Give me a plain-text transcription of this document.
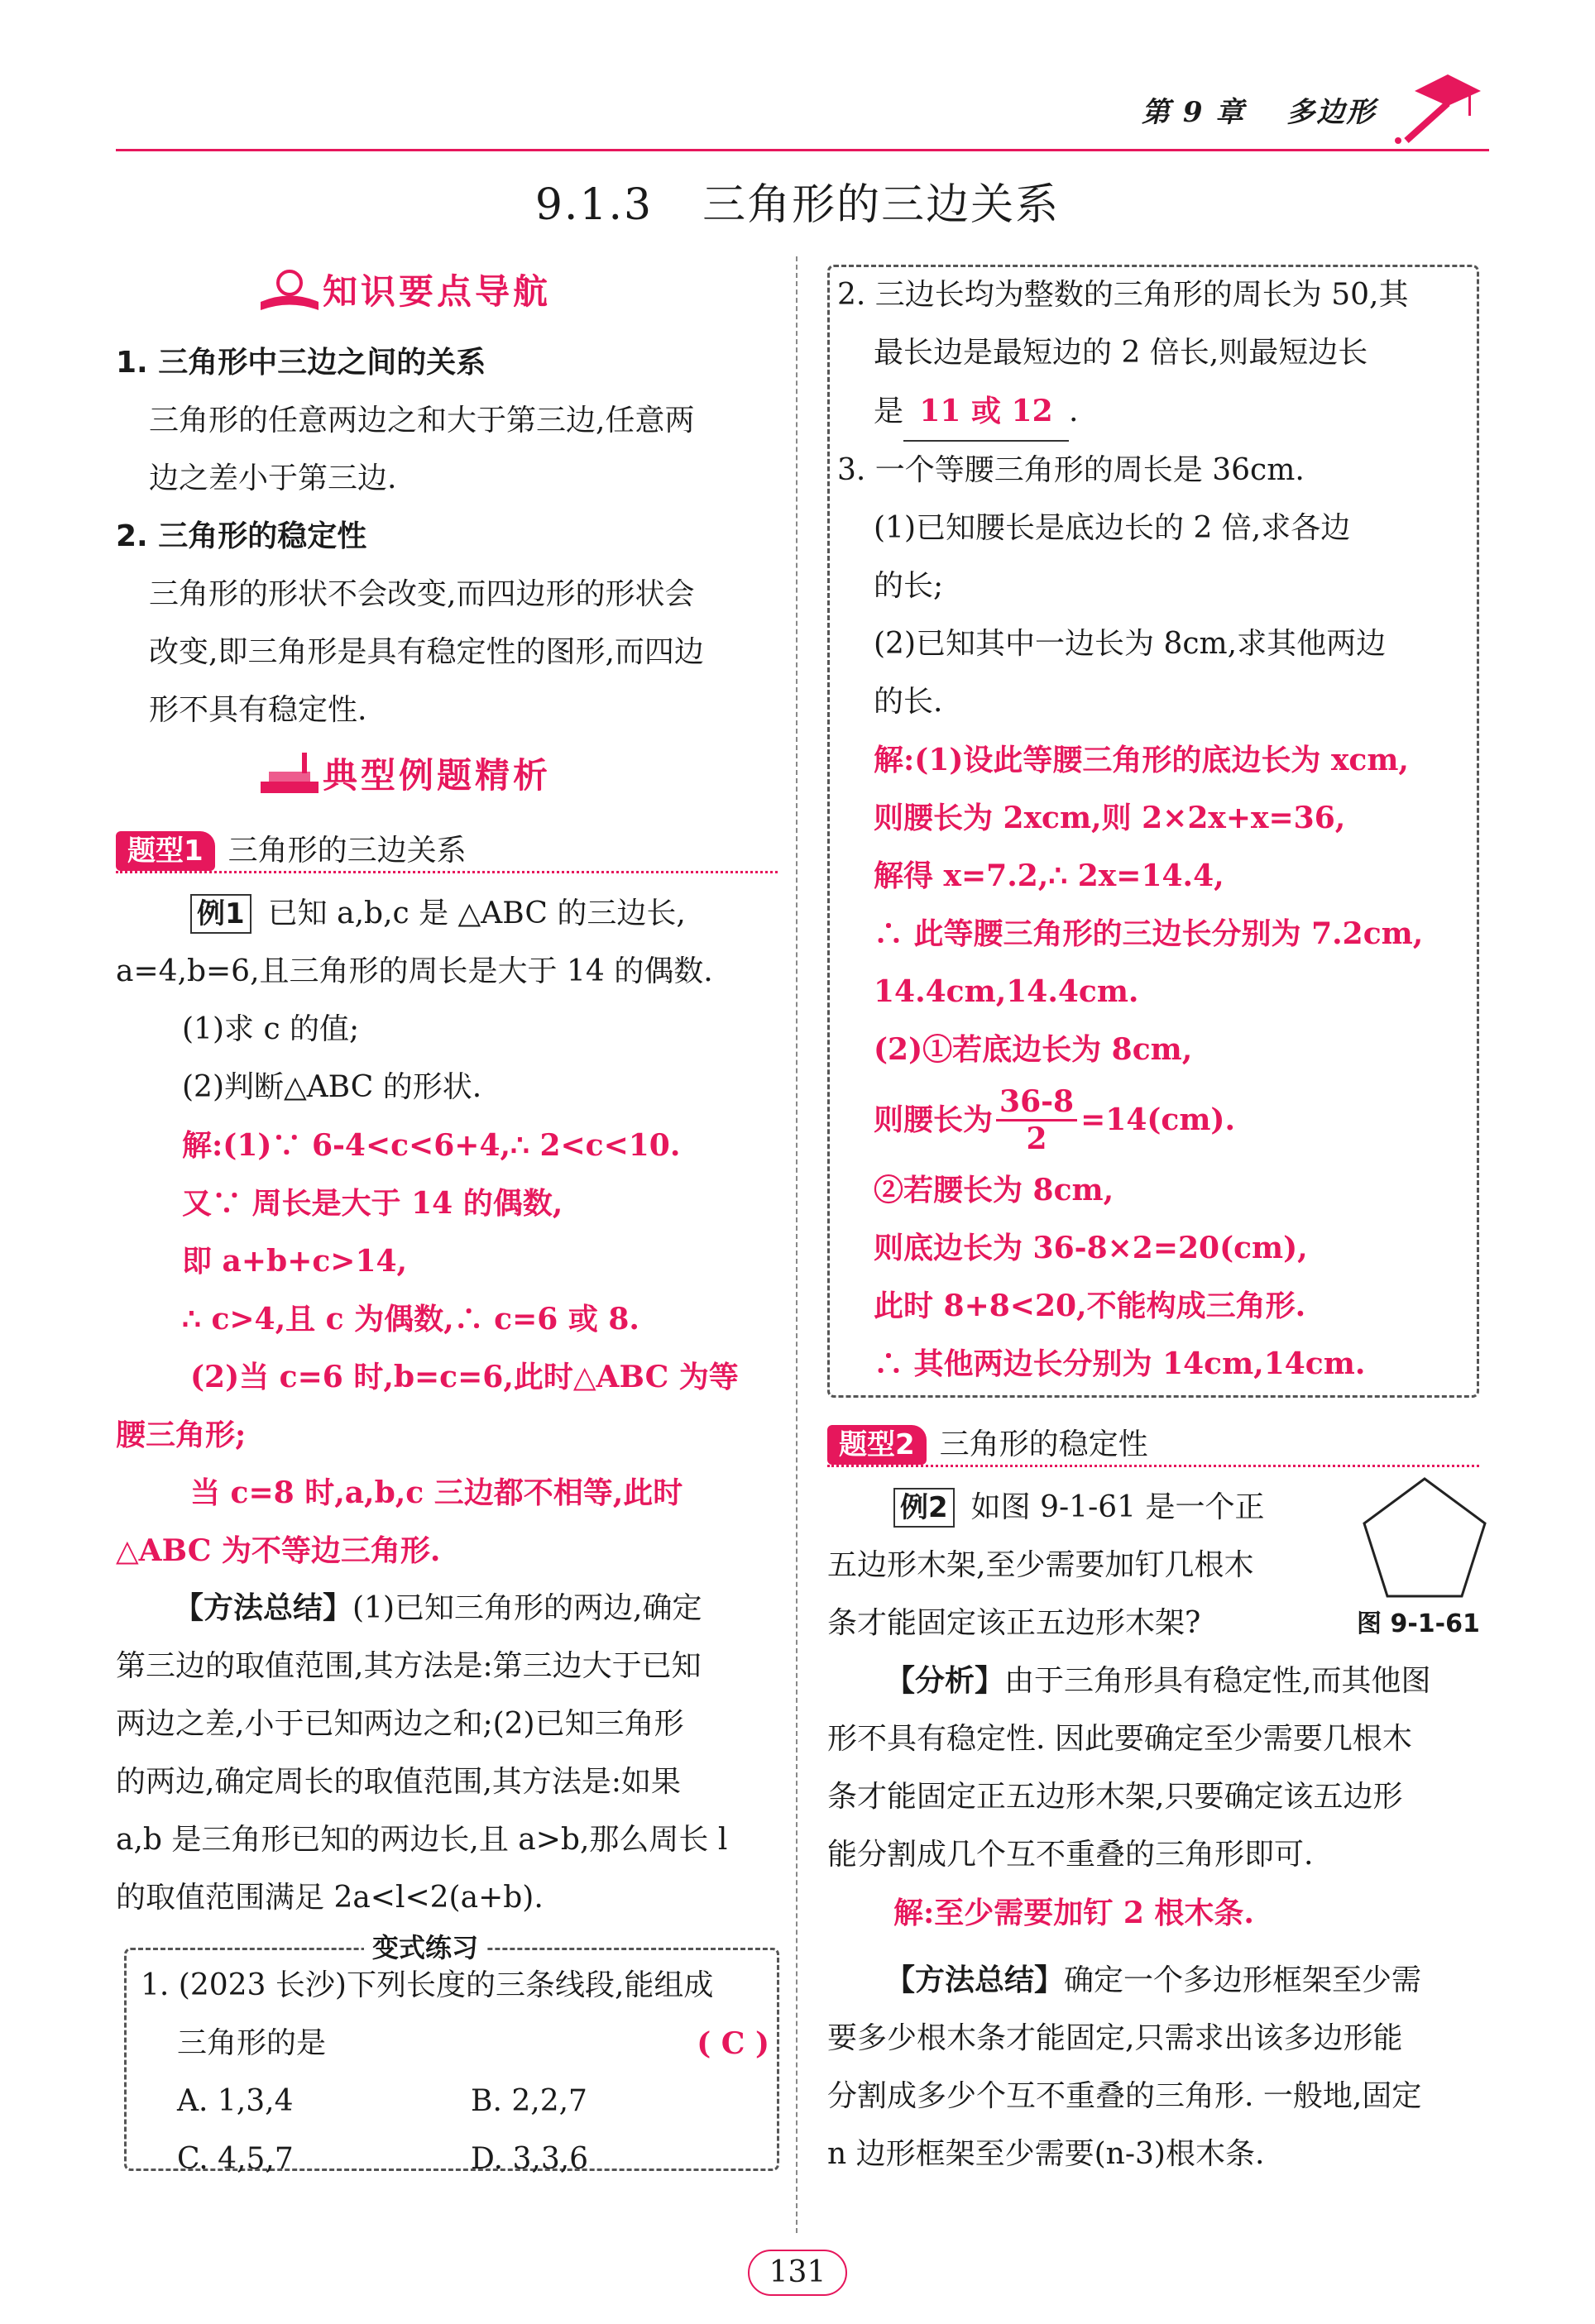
第 9 章 多边形
9.1.3 三角形的三边关系
知识要点导航
1. 三角形中三边之间的关系
三角形的任意两边之和大于第三边,任意两
边之差小于第三边.
2. 三角形的稳定性
三角形的形状不会改变,而四边形的形状会
改变,即三角形是具有稳定性的图形,而四边
形不具有稳定性.
典型例题精析
题型1 三角形的三边关系
例1 已知 a,b,c 是 △ABC 的三边长,
a=4,b=6,且三角形的周长是大于 14 的偶数.
(1)求 c 的值;
(2)判断△ABC 的形状.
解:(1)∵ 6-4<c<6+4,∴ 2<c<10.
又∵ 周长是大于 14 的偶数,
即 a+b+c>14,
∴ c>4,且 c 为偶数,∴ c=6 或 8.
(2)当 c=6 时,b=c=6,此时△ABC 为等
腰三角形;
当 c=8 时,a,b,c 三边都不相等,此时
△ABC 为不等边三角形.
【方法总结】(1)已知三角形的两边,确定
第三边的取值范围,其方法是:第三边大于已知
两边之差,小于已知两边之和;(2)已知三角形
的两边,确定周长的取值范围,其方法是:如果
a,b 是三角形已知的两边长,且 a>b,那么周长 l
的取值范围满足 2a<l<2(a+b).
变式练习
1. (2023 长沙)下列长度的三条线段,能组成
三角形的是	( C )
A. 1,3,4	B. 2,2,7
C. 4,5,7	D. 3,3,6
2. 三边长均为整数的三角形的周长为 50,其
最长边是最短边的 2 倍长,则最短边长
是 11 或 12 .
3. 一个等腰三角形的周长是 36cm.
(1)已知腰长是底边长的 2 倍,求各边
的长;
(2)已知其中一边长为 8cm,求其他两边
的长.
解:(1)设此等腰三角形的底边长为 xcm,
则腰长为 2xcm,则 2×2x+x=36,
解得 x=7.2,∴ 2x=14.4,
∴ 此等腰三角形的三边长分别为 7.2cm,
14.4cm,14.4cm.
(2)①若底边长为 8cm,
则腰长为 $\frac{36-8}{2} =14(cm)$.
②若腰长为 8cm,
则底边长为 36-8×2=20(cm),
此时 8+8<20,不能构成三角形.
∴ 其他两边长分别为 14cm,14cm.
题型2 三角形的稳定性
例2 如图 9-1-61 是一个正
五边形木架,至少需要加钉几根木
条才能固定该正五边形木架?	图 9-1-61
【分析】由于三角形具有稳定性,而其他图
形不具有稳定性. 因此要确定至少需要几根木
条才能固定正五边形木架,只要确定该五边形
能分割成几个互不重叠的三角形即可.
解:至少需要加钉 2 根木条.
【方法总结】确定一个多边形框架至少需
要多少根木条才能固定,只需求出该多边形能
分割成多少个互不重叠的三角形. 一般地,固定
n 边形框架至少需要(n-3)根木条.
131
